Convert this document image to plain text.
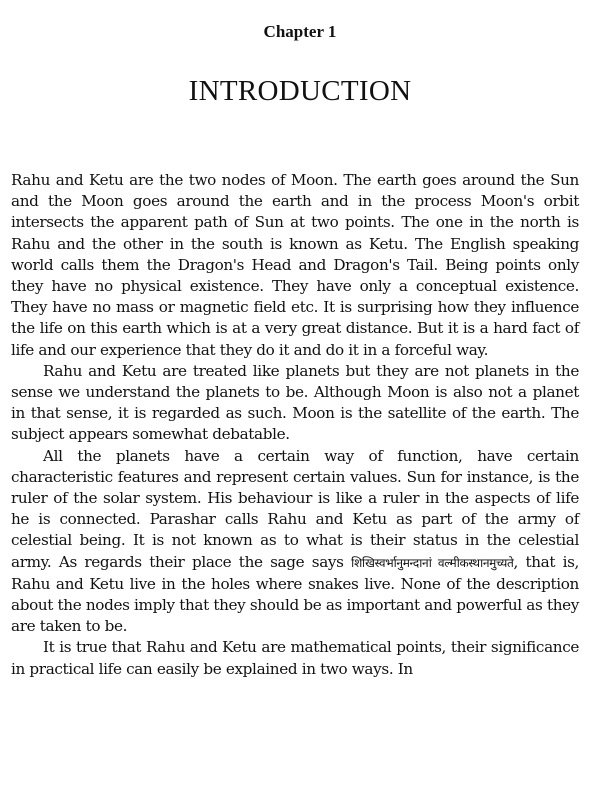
Chapter 1
INTRODUCTION

Rahu and Ketu are the two nodes of Moon. The earth goes around the Sun and the Moon goes around the earth and in the process Moon's orbit intersects the apparent path of Sun at two points. The one in the north is Rahu and the other in the south is known as Ketu. The English speaking world calls them the Dragon's Head and Dragon's Tail. Being points only they have no physical existence. They have only a conceptual existence. They have no mass or magnetic field etc. It is surprising how they influence the life on this earth which is at a very great distance. But it is a hard fact of life and our experience that they do it and do it in a forceful way.

Rahu and Ketu are treated like planets but they are not planets in the sense we understand the planets to be. Although Moon is also not a planet in that sense, it is regarded as such. Moon is the satellite of the earth. The subject appears somewhat debatable.

All the planets have a certain way of function, have certain characteristic features and represent certain values. Sun for instance, is the ruler of the solar system. His behaviour is like a ruler in the aspects of life he is connected. Parashar calls Rahu and Ketu as part of the army of celestial being. It is not known as to what is their status in the celestial army. As regards their place the sage says शिखिस्वर्भानुमन्दानां वल्मीकस्थानमुच्यते, that is, Rahu and Ketu live in the holes where snakes live. None of the description about the nodes imply that they should be as important and powerful as they are taken to be.

It is true that Rahu and Ketu are mathematical points, their significance in practical life can easily be explained in two ways. In
